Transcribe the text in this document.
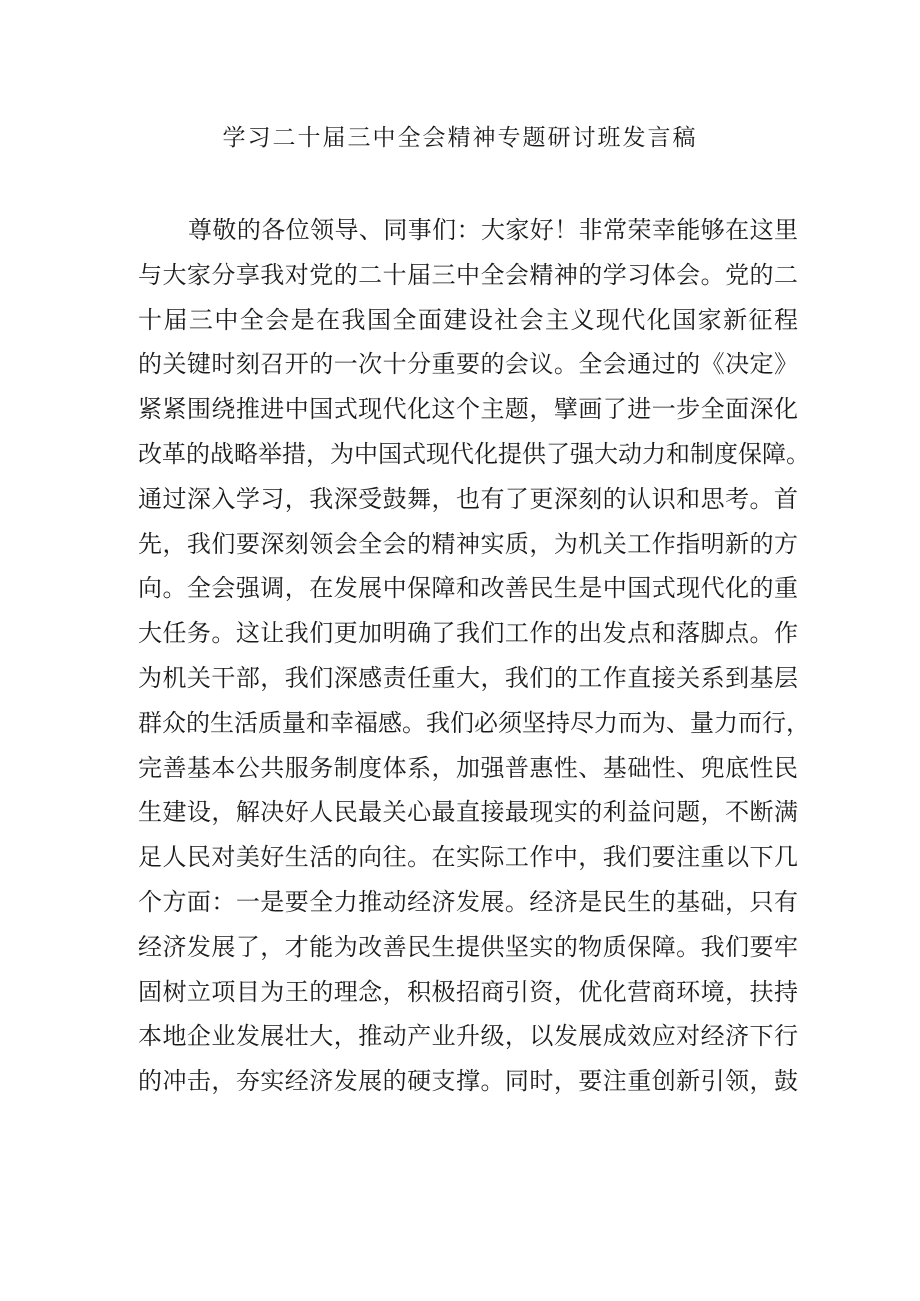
学习二十届三中全会精神专题研讨班发言稿
尊敬的各位领导、同事们：大家好！非常荣幸能够在这里
与大家分享我对党的二十届三中全会精神的学习体会。党的二
十届三中全会是在我国全面建设社会主义现代化国家新征程
的关键时刻召开的一次十分重要的会议。全会通过的《决定》
紧紧围绕推进中国式现代化这个主题，擘画了进一步全面深化
改革的战略举措，为中国式现代化提供了强大动力和制度保障。
通过深入学习，我深受鼓舞，也有了更深刻的认识和思考。首
先，我们要深刻领会全会的精神实质，为机关工作指明新的方
向。全会强调，在发展中保障和改善民生是中国式现代化的重
大任务。这让我们更加明确了我们工作的出发点和落脚点。作
为机关干部，我们深感责任重大，我们的工作直接关系到基层
群众的生活质量和幸福感。我们必须坚持尽力而为、量力而行，
完善基本公共服务制度体系，加强普惠性、基础性、兜底性民
生建设，解决好人民最关心最直接最现实的利益问题，不断满
足人民对美好生活的向往。在实际工作中，我们要注重以下几
个方面：一是要全力推动经济发展。经济是民生的基础，只有
经济发展了，才能为改善民生提供坚实的物质保障。我们要牢
固树立项目为王的理念，积极招商引资，优化营商环境，扶持
本地企业发展壮大，推动产业升级，以发展成效应对经济下行
的冲击，夯实经济发展的硬支撑。同时，要注重创新引领，鼓
